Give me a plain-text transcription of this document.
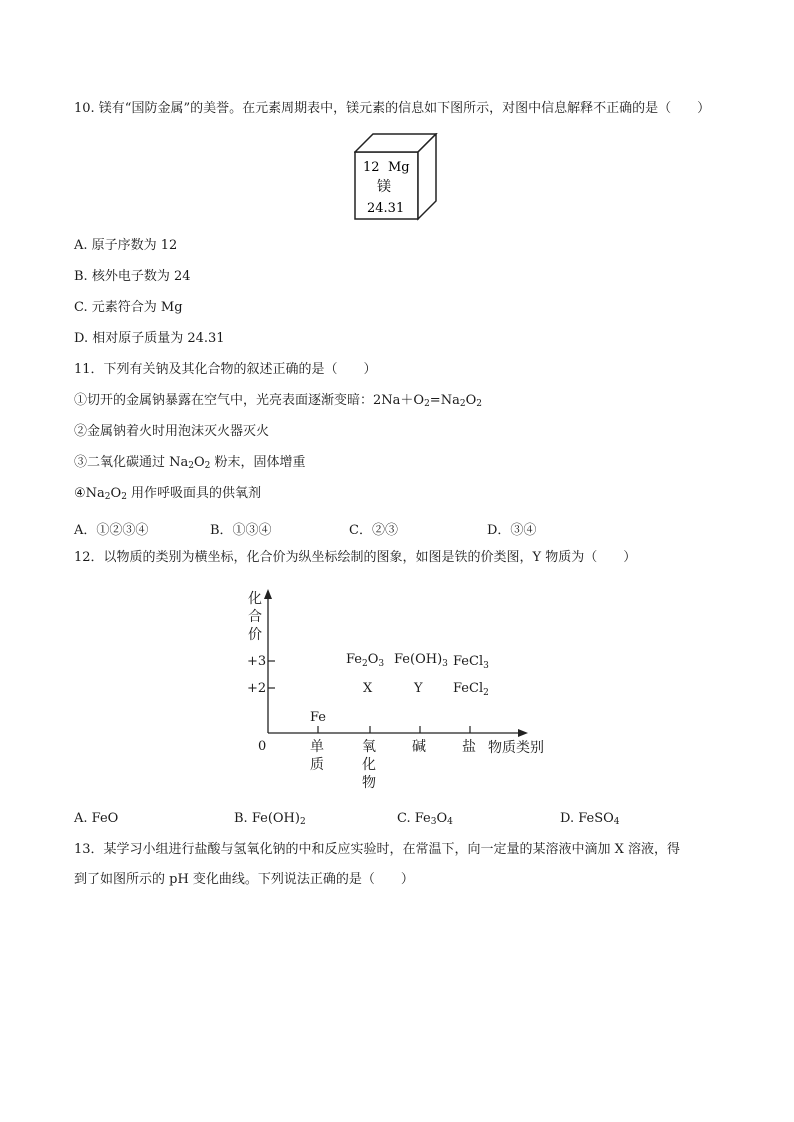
10. 镁有“国防金属”的美誉。在元素周期表中，镁元素的信息如下图所示，对图中信息解释不正确的是（　　）
12 Mg
镁
24.31
A. 原子序数为 12
B. 核外电子数为 24
C. 元素符合为 Mg
D. 相对原子质量为 24.31
11．下列有关钠及其化合物的叙述正确的是（　　）
①切开的金属钠暴露在空气中，光亮表面逐渐变暗：$2Na+O_2=Na_2O_2$
②金属钠着火时用泡沫灭火器灭火
③二氧化碳通过 $Na_2O_2$ 粉末，固体增重
$④Na_2O_2$ 用作呼吸面具的供氧剂
A．①②③④	B．①③④	C．②③	D．③④
12．以物质的类别为横坐标，化合价为纵坐标绘制的图象，如图是铁的价类图，Y 物质为（　　）
化
合
价
+3
+2
0	单
质
氧
化
物
碱	盐 物质类别
Fe
$Fe_2O_3$ $Fe(OH)_3$ FeCl$_3$
X	Y FeCl$_2$
A. FeO	B. $Fe(OH)_2$	C. $Fe_3O_4$	D. FeSO$_4$
13．某学习小组进行盐酸与氢氧化钠的中和反应实验时，在常温下，向一定量的某溶液中滴加 X 溶液，得
到了如图所示的 pH 变化曲线。下列说法正确的是（　　）
